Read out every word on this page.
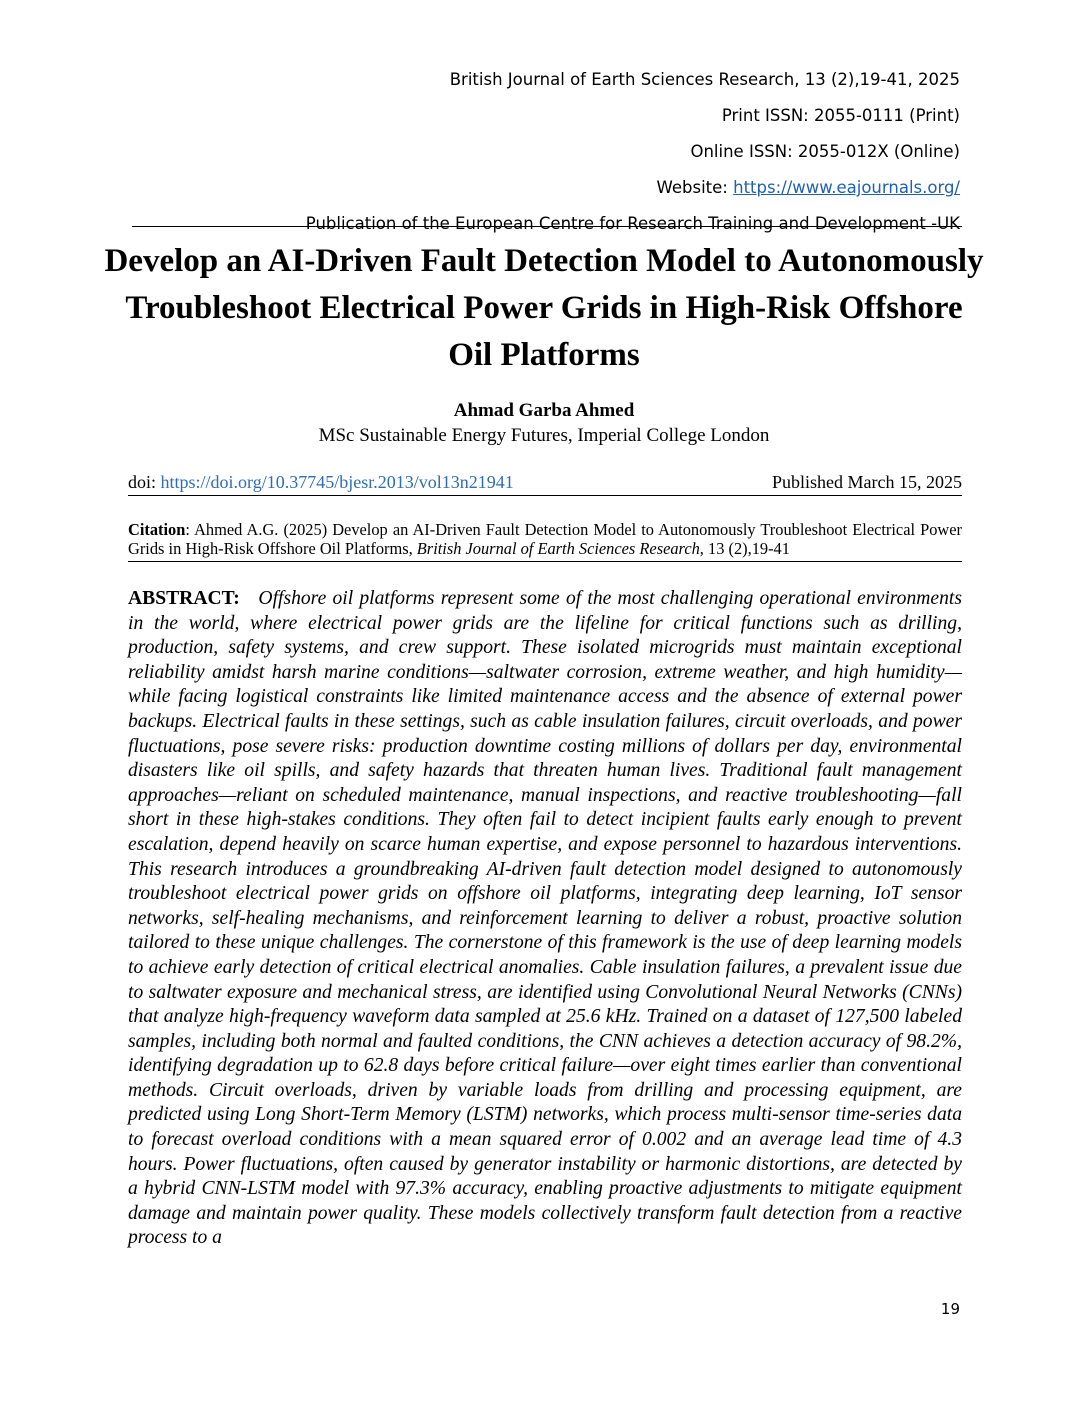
British Journal of Earth Sciences Research, 13 (2),19-41, 2025
Print ISSN: 2055-0111 (Print)
Online ISSN: 2055-012X (Online)
Website: https://www.eajournals.org/
Publication of the European Centre for Research Training and Development -UK
Develop an AI-Driven Fault Detection Model to Autonomously Troubleshoot Electrical Power Grids in High-Risk Offshore Oil Platforms
Ahmad Garba Ahmed
MSc Sustainable Energy Futures, Imperial College London
doi: https://doi.org/10.37745/bjesr.2013/vol13n21941	Published March 15, 2025
Citation: Ahmed A.G. (2025) Develop an AI-Driven Fault Detection Model to Autonomously Troubleshoot Electrical Power Grids in High-Risk Offshore Oil Platforms, British Journal of Earth Sciences Research, 13 (2),19-41
ABSTRACT: Offshore oil platforms represent some of the most challenging operational environments in the world, where electrical power grids are the lifeline for critical functions such as drilling, production, safety systems, and crew support. These isolated microgrids must maintain exceptional reliability amidst harsh marine conditions—saltwater corrosion, extreme weather, and high humidity—while facing logistical constraints like limited maintenance access and the absence of external power backups. Electrical faults in these settings, such as cable insulation failures, circuit overloads, and power fluctuations, pose severe risks: production downtime costing millions of dollars per day, environmental disasters like oil spills, and safety hazards that threaten human lives. Traditional fault management approaches—reliant on scheduled maintenance, manual inspections, and reactive troubleshooting—fall short in these high-stakes conditions. They often fail to detect incipient faults early enough to prevent escalation, depend heavily on scarce human expertise, and expose personnel to hazardous interventions. This research introduces a groundbreaking AI-driven fault detection model designed to autonomously troubleshoot electrical power grids on offshore oil platforms, integrating deep learning, IoT sensor networks, self-healing mechanisms, and reinforcement learning to deliver a robust, proactive solution tailored to these unique challenges. The cornerstone of this framework is the use of deep learning models to achieve early detection of critical electrical anomalies. Cable insulation failures, a prevalent issue due to saltwater exposure and mechanical stress, are identified using Convolutional Neural Networks (CNNs) that analyze high-frequency waveform data sampled at 25.6 kHz. Trained on a dataset of 127,500 labeled samples, including both normal and faulted conditions, the CNN achieves a detection accuracy of 98.2%, identifying degradation up to 62.8 days before critical failure—over eight times earlier than conventional methods. Circuit overloads, driven by variable loads from drilling and processing equipment, are predicted using Long Short-Term Memory (LSTM) networks, which process multi-sensor time-series data to forecast overload conditions with a mean squared error of 0.002 and an average lead time of 4.3 hours. Power fluctuations, often caused by generator instability or harmonic distortions, are detected by a hybrid CNN-LSTM model with 97.3% accuracy, enabling proactive adjustments to mitigate equipment damage and maintain power quality. These models collectively transform fault detection from a reactive process to a
19
